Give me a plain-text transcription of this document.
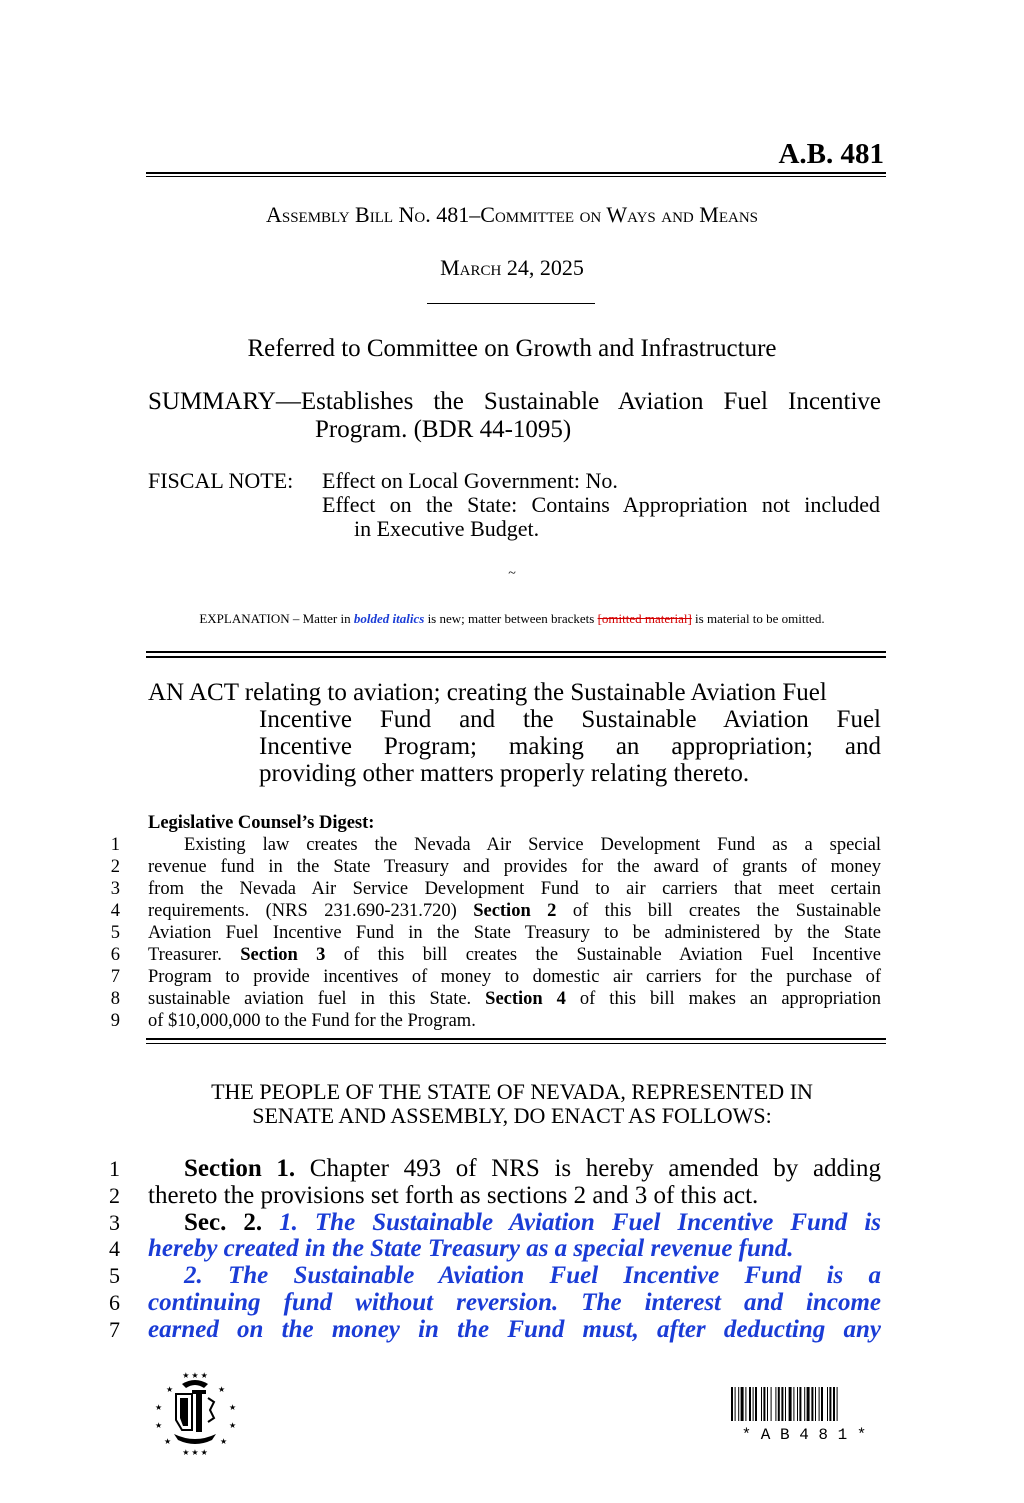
A.B. 481
Assembly Bill No. 481–Committee on Ways and Means
March 24, 2025
Referred to Committee on Growth and Infrastructure
SUMMARY—Establishes the Sustainable Aviation Fuel Incentive
Program. (BDR 44-1095)
FISCAL NOTE: Effect on Local Government: No.
Effect on the State: Contains Appropriation not included
in Executive Budget.
~
EXPLANATION – Matter in bolded italics is new; matter between brackets [omitted material] is material to be omitted.
AN ACT relating to aviation; creating the Sustainable Aviation Fuel
Incentive Fund and the Sustainable Aviation Fuel
Incentive Program; making an appropriation; and
providing other matters properly relating thereto.
Legislative Counsel’s Digest:
1	Existing law creates the Nevada Air Service Development Fund as a special
2 revenue fund in the State Treasury and provides for the award of grants of money
3 from the Nevada Air Service Development Fund to air carriers that meet certain
4 requirements. (NRS 231.690-231.720) Section 2 of this bill creates the Sustainable
5 Aviation Fuel Incentive Fund in the State Treasury to be administered by the State
6 Treasurer. Section 3 of this bill creates the Sustainable Aviation Fuel Incentive
7 Program to provide incentives of money to domestic air carriers for the purchase of
8 sustainable aviation fuel in this State. Section 4 of this bill makes an appropriation
9 of $10,000,000 to the Fund for the Program.
THE PEOPLE OF THE STATE OF NEVADA, REPRESENTED IN
SENATE AND ASSEMBLY, DO ENACT AS FOLLOWS:
1	Section 1. Chapter 493 of NRS is hereby amended by adding
2 thereto the provisions set forth as sections 2 and 3 of this act.
3	Sec. 2. 1. The Sustainable Aviation Fuel Incentive Fund is
4 hereby created in the State Treasury as a special revenue fund.
5	2. The Sustainable Aviation Fuel Incentive Fund is a
6 continuing fund without reversion. The interest and income
7 earned on the money in the Fund must, after deducting any
★ ★ ★
★	★
★	★
★	★
★	★
★ ★ ★
* A B 4 8 1 *
